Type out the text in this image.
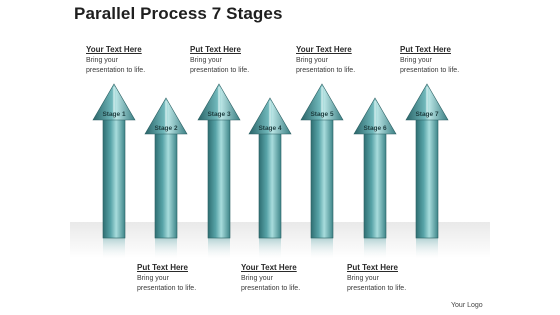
Parallel Process 7 Stages
Your Text Here
Bring your presentation to life.
Put Text Here
Bring your presentation to life.
Your Text Here
Bring your presentation to life.
Put Text Here
Bring your presentation to life.
Stage 1
Stage 2
Stage 3
Stage 4
Stage 5
Stage 6
Stage 7
Put Text Here
Bring your presentation to life.
Your Text Here
Bring your presentation to life.
Put Text Here
Bring your presentation to life.
Your Logo
